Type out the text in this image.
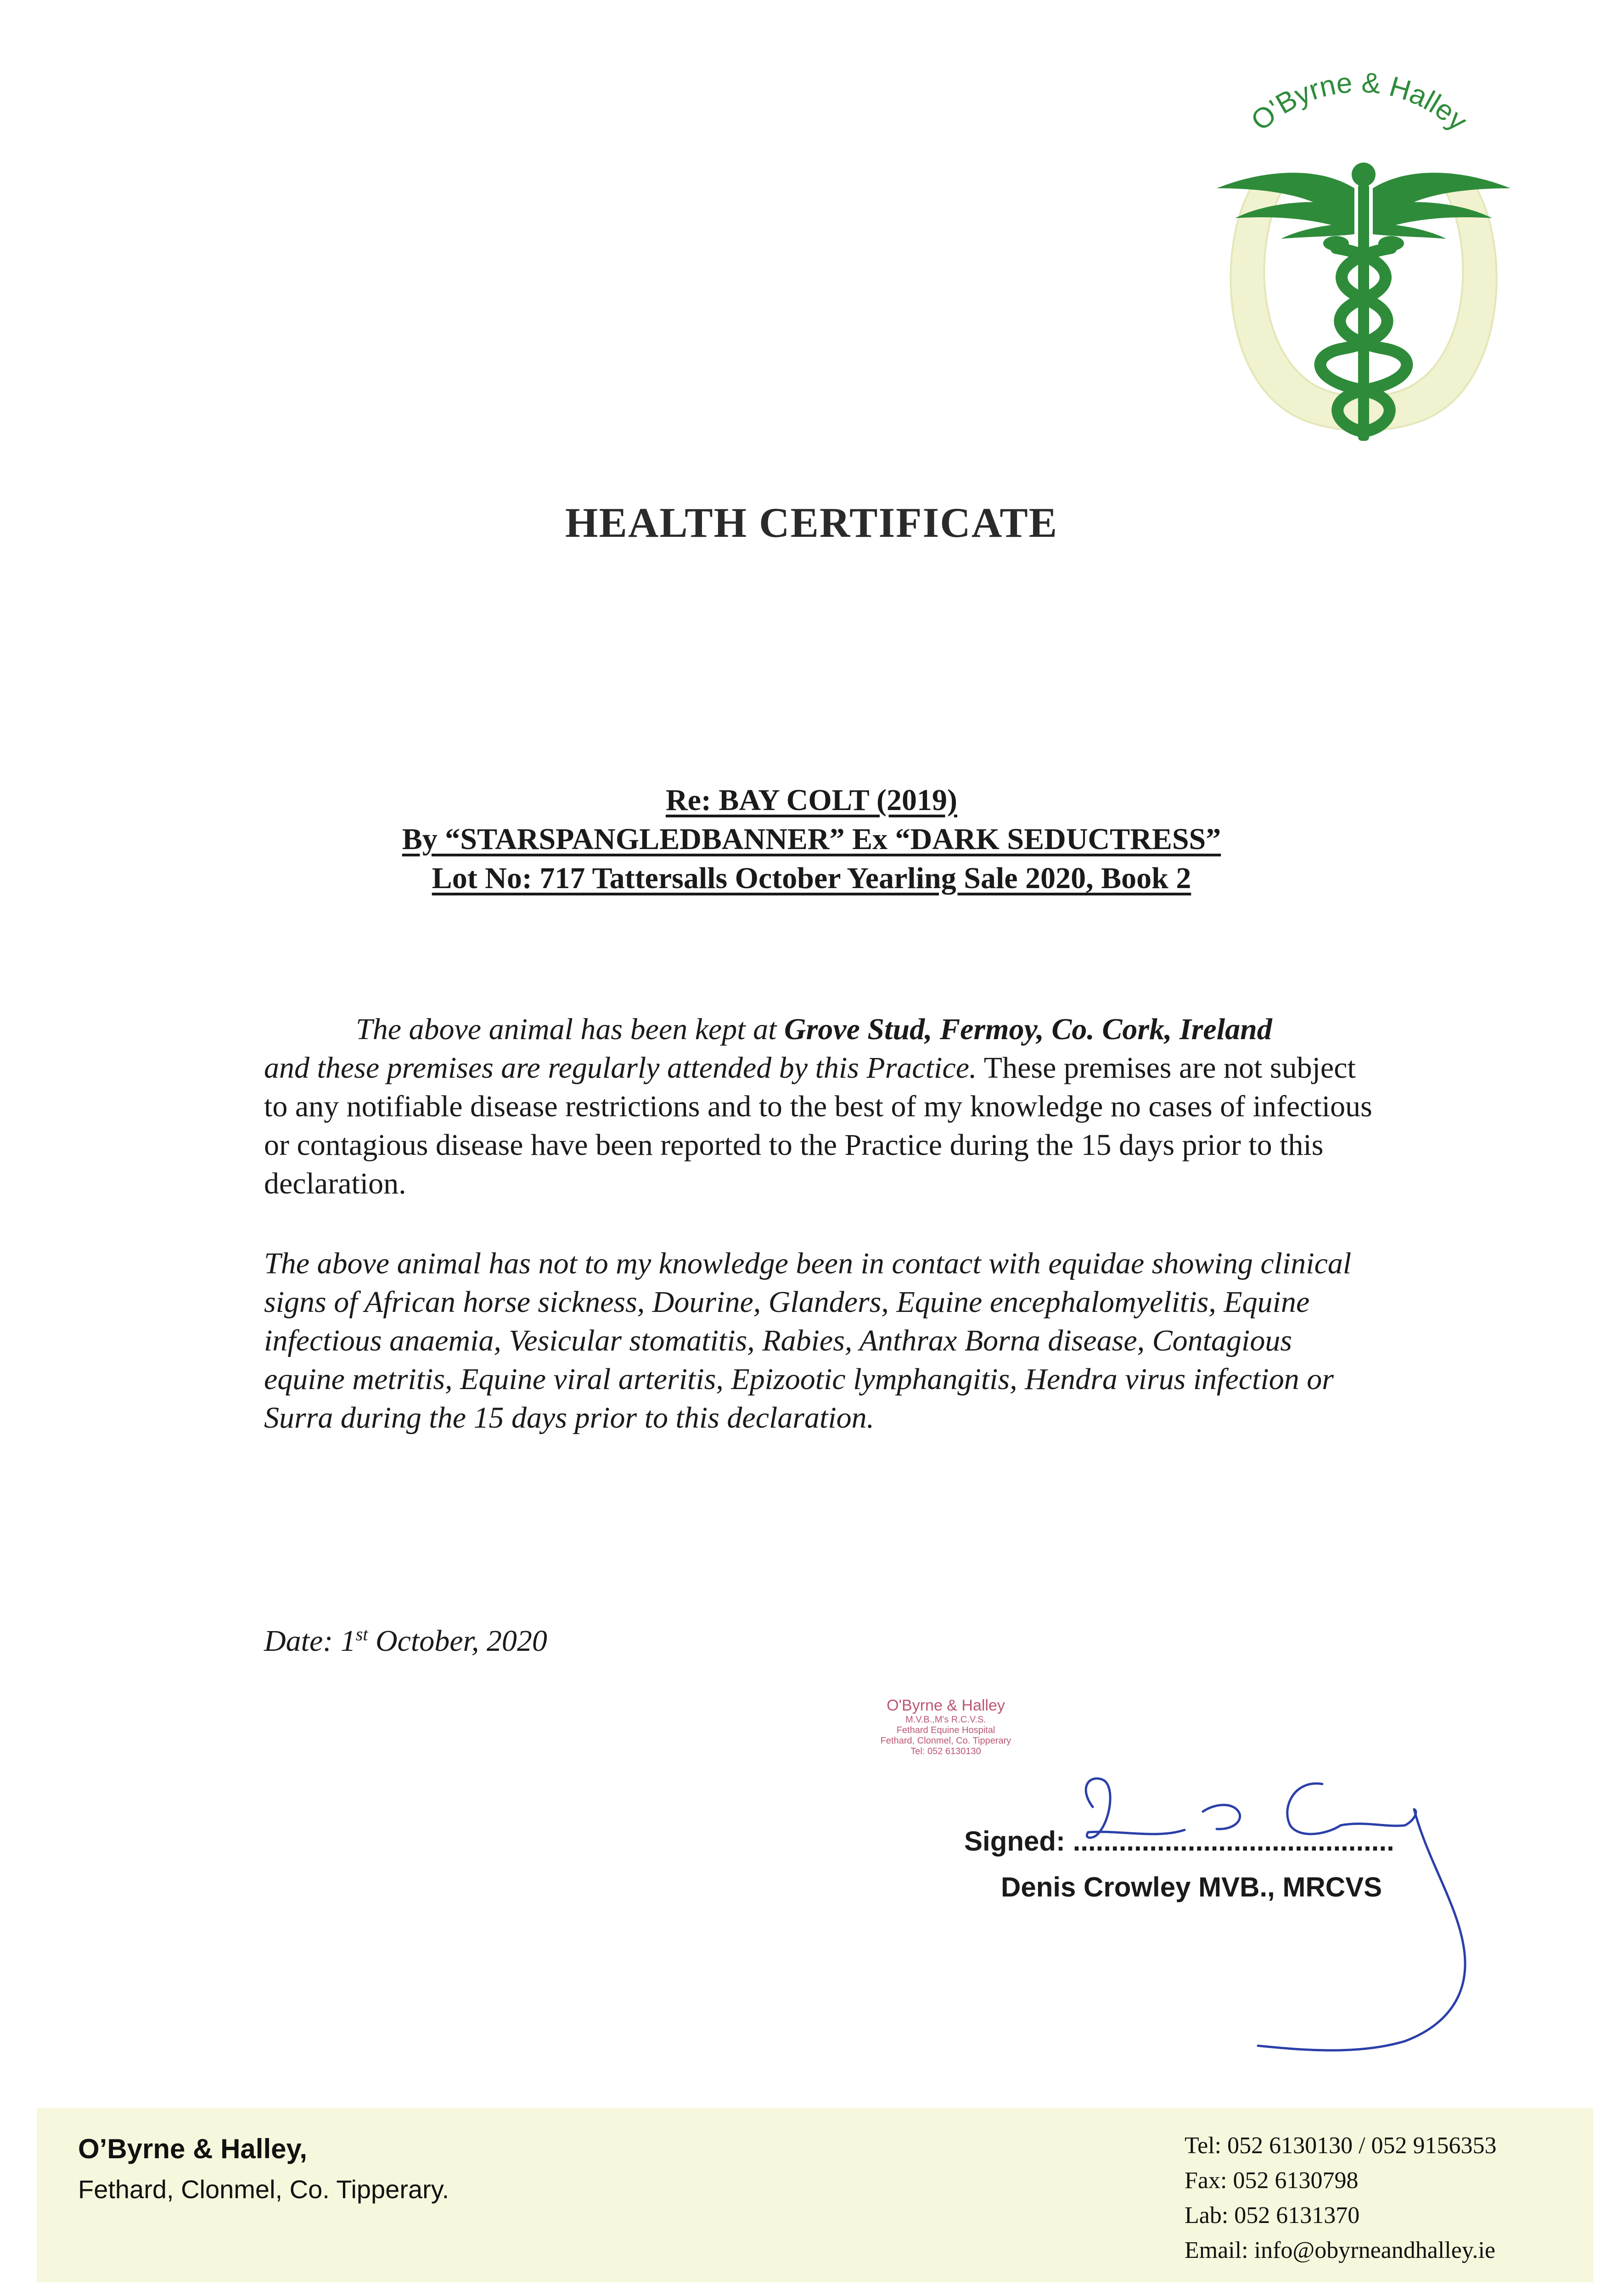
O'Byrne & Halley
HEALTH CERTIFICATE
Re: BAY COLT (2019)
By “STARSPANGLEDBANNER” Ex “DARK SEDUCTRESS”
Lot No: 717 Tattersalls October Yearling Sale 2020, Book 2
The above animal has been kept at Grove Stud, Fermoy, Co. Cork, Ireland
and these premises are regularly attended by this Practice. These premises are not subject to any notifiable disease restrictions and to the best of my knowledge no cases of infectious or contagious disease have been reported to the Practice during the 15 days prior to this declaration.
The above animal has not to my knowledge been in contact with equidae showing clinical signs of African horse sickness, Dourine, Glanders, Equine encephalomyelitis, Equine infectious anaemia, Vesicular stomatitis, Rabies, Anthrax Borna disease, Contagious equine metritis, Equine viral arteritis, Epizootic lymphangitis, Hendra virus infection or Surra during the 15 days prior to this declaration.
Date: 1st October, 2020
O'Byrne & Halley
M.V.B.,M's R.C.V.S.
Fethard Equine Hospital
Fethard, Clonmel, Co. Tipperary
Tel: 052 6130130
Signed: ..........................................
Denis Crowley MVB., MRCVS
O’Byrne & Halley,
Fethard, Clonmel, Co. Tipperary.
Tel: 052 6130130 / 052 9156353
Fax: 052 6130798
Lab: 052 6131370
Email: info@obyrneandhalley.ie
